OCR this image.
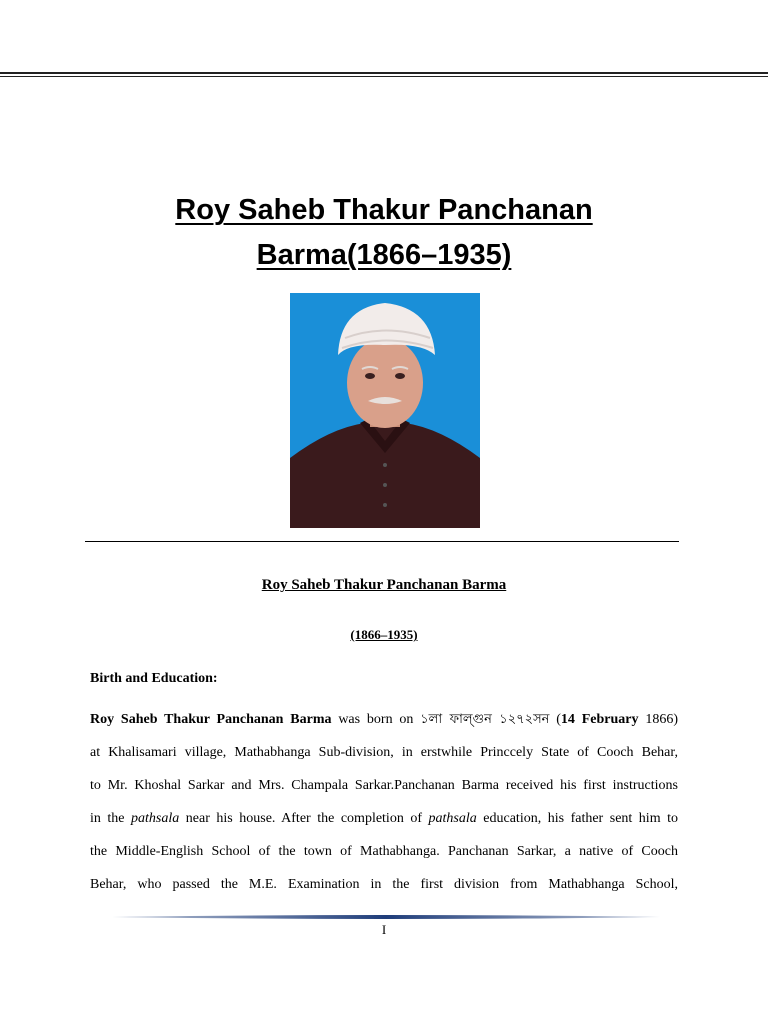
Roy Saheb Thakur Panchanan
Barma(1866–1935)
Roy Saheb Thakur Panchanan Barma
(1866–1935)
Birth and Education:
Roy Saheb Thakur Panchanan Barma was born on ১লা ফাল্গুন ১২৭২সন (14 February 1866)
at Khalisamari village, Mathabhanga Sub-division, in erstwhile Princcely State of Cooch Behar,
to Mr. Khoshal Sarkar and Mrs. Champala Sarkar.Panchanan Barma received his first instructions
in the pathsala near his house. After the completion of pathsala education, his father sent him to
the Middle-English School of the town of Mathabhanga. Panchanan Sarkar, a native of Cooch
Behar, who passed the M.E. Examination in the first division from Mathabhanga School,
I
